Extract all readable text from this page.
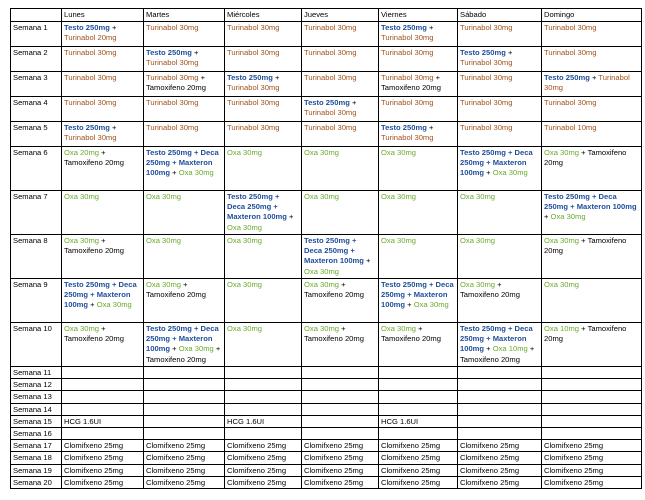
	Lunes	Martes	Miércoles	Jueves	Viernes	Sábado	Domingo
Semana 1	Testo 250mg + Turinabol 20mg	Turinabol 30mg	Turinabol 30mg	Turinabol 30mg	Testo 250mg + Turinabol 30mg	Turinabol 30mg	Turinabol 30mg
Semana 2	Turinabol 30mg	Testo 250mg + Turinabol 30mg	Turinabol 30mg	Turinabol 30mg	Turinabol 30mg	Testo 250mg + Turinabol 30mg	Turinabol 30mg
Semana 3	Turinabol 30mg	Turinabol 30mg + Tamoxifeno 20mg	Testo 250mg + Turinabol 30mg	Turinabol 30mg	Turinabol 30mg + Tamoxifeno 20mg	Turinabol 30mg	Testo 250mg + Turinabol 30mg
Semana 4	Turinabol 30mg	Turinabol 30mg	Turinabol 30mg	Testo 250mg + Turinabol 30mg	Turinabol 30mg	Turinabol 30mg	Turinabol 30mg
Semana 5	Testo 250mg + Turinabol 30mg	Turinabol 30mg	Turinabol 30mg	Turinabol 30mg	Testo 250mg + Turinabol 30mg	Turinabol 30mg	Turinabol 10mg
Semana 6	Oxa 20mg + Tamoxifeno 20mg	Testo 250mg + Deca 250mg + Maxteron 100mg + Oxa 30mg	Oxa 30mg	Oxa 30mg	Oxa 30mg	Testo 250mg + Deca 250mg + Maxteron 100mg + Oxa 30mg	Oxa 30mg + Tamoxifeno 20mg
Semana 7	Oxa 30mg	Oxa 30mg	Testo 250mg + Deca 250mg + Maxteron 100mg + Oxa 30mg	Oxa 30mg	Oxa 30mg	Oxa 30mg	Testo 250mg + Deca 250mg + Maxteron 100mg + Oxa 30mg
Semana 8	Oxa 30mg + Tamoxifeno 20mg	Oxa 30mg	Oxa 30mg	Testo 250mg + Deca 250mg + Maxteron 100mg + Oxa 30mg	Oxa 30mg	Oxa 30mg	Oxa 30mg + Tamoxifeno 20mg
Semana 9	Testo 250mg + Deca 250mg + Maxteron 100mg + Oxa 30mg	Oxa 30mg + Tamoxifeno 20mg	Oxa 30mg	Oxa 30mg + Tamoxifeno 20mg	Testo 250mg + Deca 250mg + Maxteron 100mg + Oxa 30mg	Oxa 30mg + Tamoxifeno 20mg	Oxa 30mg
Semana 10	Oxa 30mg + Tamoxifeno 20mg	Testo 250mg + Deca 250mg + Maxteron 100mg + Oxa 30mg + Tamoxifeno 20mg	Oxa 30mg	Oxa 30mg + Tamoxifeno 20mg	Oxa 30mg + Tamoxifeno 20mg	Testo 250mg + Deca 250mg + Maxteron 100mg + Oxa 10mg + Tamoxifeno 20mg	Oxa 10mg + Tamoxifeno 20mg
Semana 11							
Semana 12							
Semana 13							
Semana 14							
Semana 15	HCG 1.6UI		HCG 1.6UI		HCG 1.6UI		
Semana 16							
Semana 17	Clomifxeno 25mg	Clomifxeno 25mg	Clomifxeno 25mg	Clomifxeno 25mg	Clomifxeno 25mg	Clomifxeno 25mg	Clomifxeno 25mg
Semana 18	Clomifxeno 25mg	Clomifxeno 25mg	Clomifxeno 25mg	Clomifxeno 25mg	Clomifxeno 25mg	Clomifxeno 25mg	Clomifxeno 25mg
Semana 19	Clomifxeno 25mg	Clomifxeno 25mg	Clomifxeno 25mg	Clomifxeno 25mg	Clomifxeno 25mg	Clomifxeno 25mg	Clomifxeno 25mg
Semana 20	Clomifxeno 25mg	Clomifxeno 25mg	Clomifxeno 25mg	Clomifxeno 25mg	Clomifxeno 25mg	Clomifxeno 25mg	Clomifxeno 25mg
